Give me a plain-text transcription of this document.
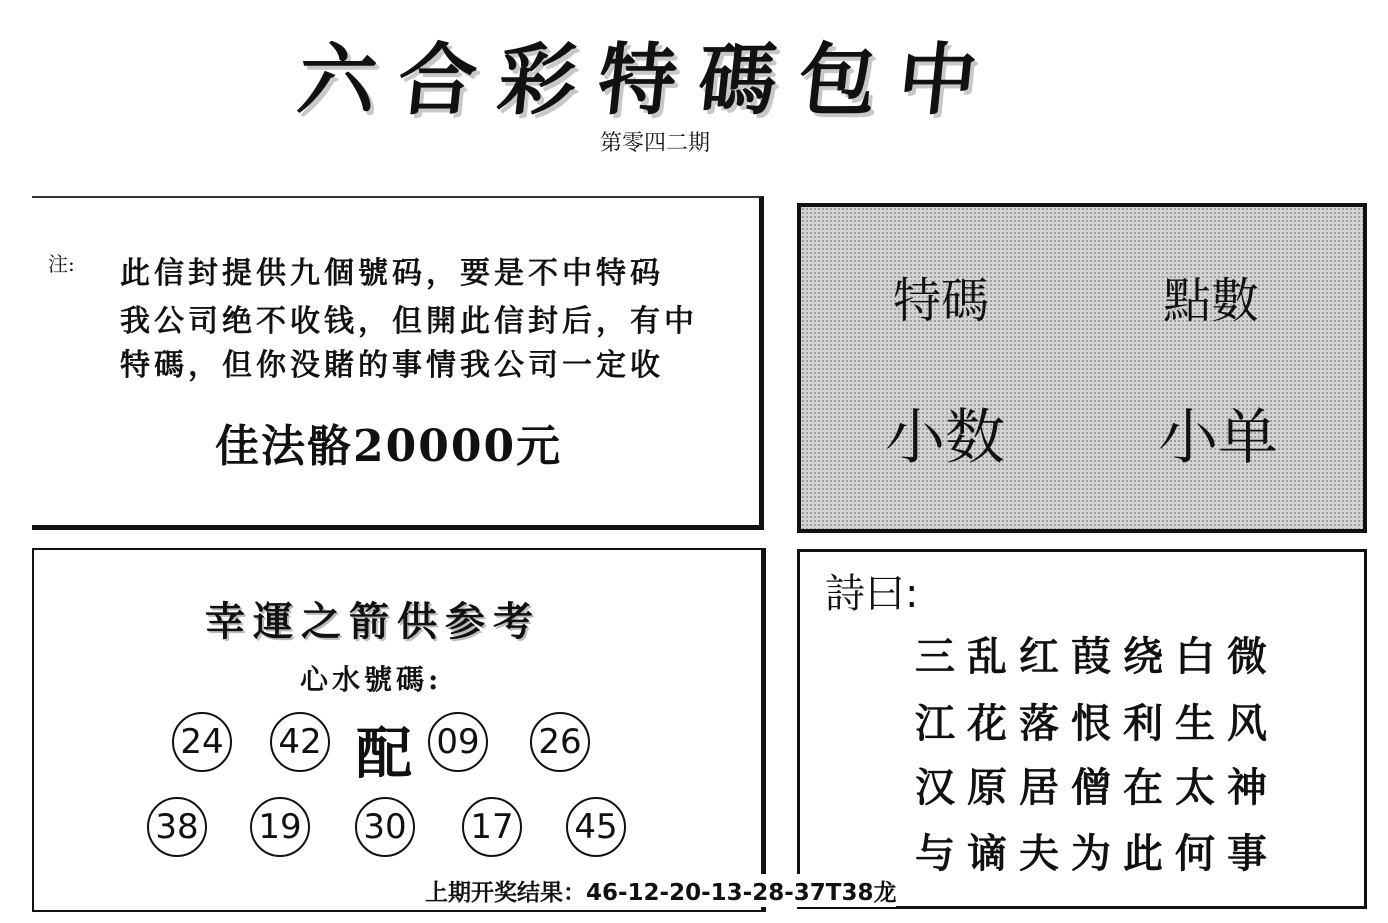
六合彩特碼包中
第零四二期
注: 此信封提供九個號码，要是不中特码
我公司绝不收钱，但開此信封后，有中
特碼，但你没賭的事情我公司一定收
佳法骼20000元
特碼	點數
小数	小单
幸運之箭供参考
心水號碼:
24 42 配 09 26
38 19 30 17 45
詩曰:
三乱红葭绕白微
江花落恨利生风
汉原居僧在太神
与谪夫为此何事
上期开奖结果：46-12-20-13-28-37T38龙
